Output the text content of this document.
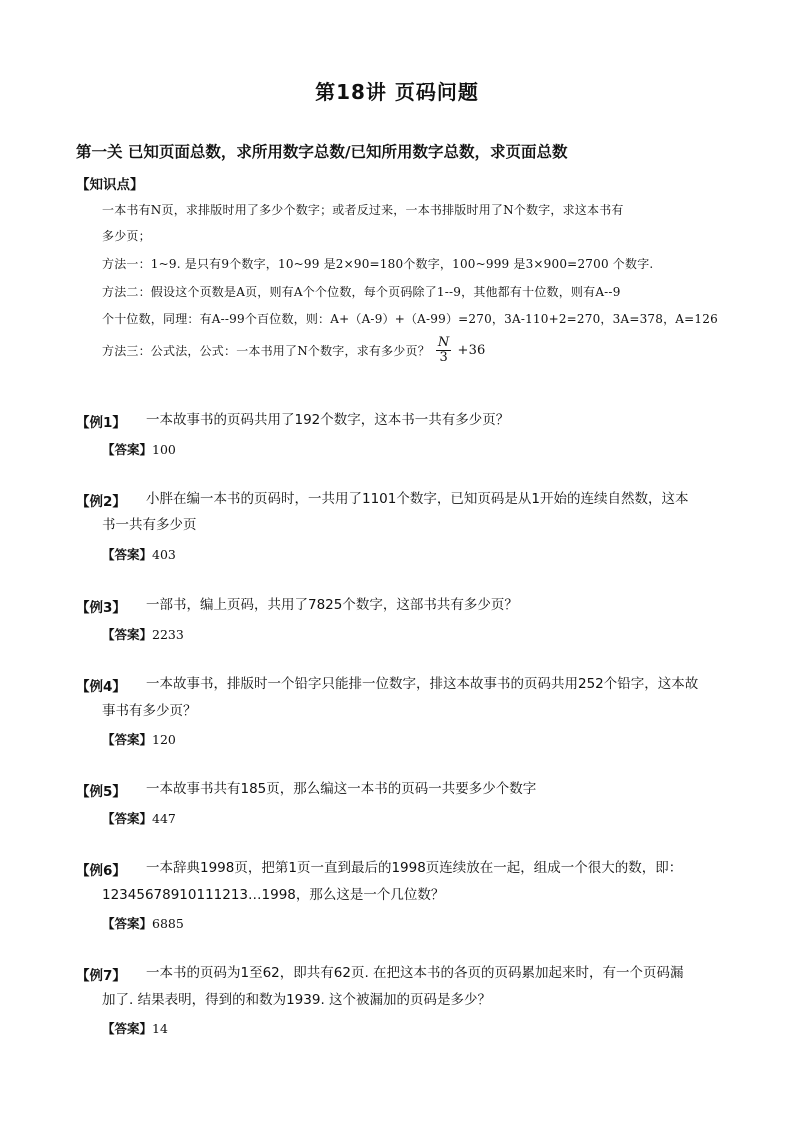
第18讲 页码问题
第一关 已知页面总数，求所用数字总数/已知所用数字总数，求页面总数
【知识点】
一本书有N页，求排版时用了多少个数字；或者反过来，一本书排版时用了N个数字，求这本书有
多少页；
方法一：1~9. 是只有9个数字，10~99 是2×90=180个数字，100~999 是3×900=2700 个数字.
方法二：假设这个页数是A页，则有A个个位数，每个页码除了1--9，其他都有十位数，则有A--9
个十位数，同理：有A--99个百位数，则：A+（A-9）+（A-99）=270，3A-110+2=270，3A=378，A=126
方法三：公式法，公式：一本书用了N个数字，求有多少页？ $\frac{N}{3} +36$
【例1】 一本故事书的页码共用了192个数字，这本书一共有多少页？
【答案】100
【例2】 小胖在编一本书的页码时，一共用了1101个数字，已知页码是从1开始的连续自然数，这本
书一共有多少页
【答案】403
【例3】 一部书，编上页码，共用了7825个数字，这部书共有多少页？
【答案】2233
【例4】 一本故事书，排版时一个铅字只能排一位数字，排这本故事书的页码共用252个铅字，这本故
事书有多少页？
【答案】120
【例5】 一本故事书共有185页，那么编这一本书的页码一共要多少个数字
【答案】447
【例6】 一本辞典1998页，把第1页一直到最后的1998页连续放在一起，组成一个很大的数，即：
12345678910111213…1998，那么这是一个几位数？
【答案】6885
【例7】 一本书的页码为1至62，即共有62页. 在把这本书的各页的页码累加起来时，有一个页码漏
加了. 结果表明，得到的和数为1939. 这个被漏加的页码是多少？
【答案】14
